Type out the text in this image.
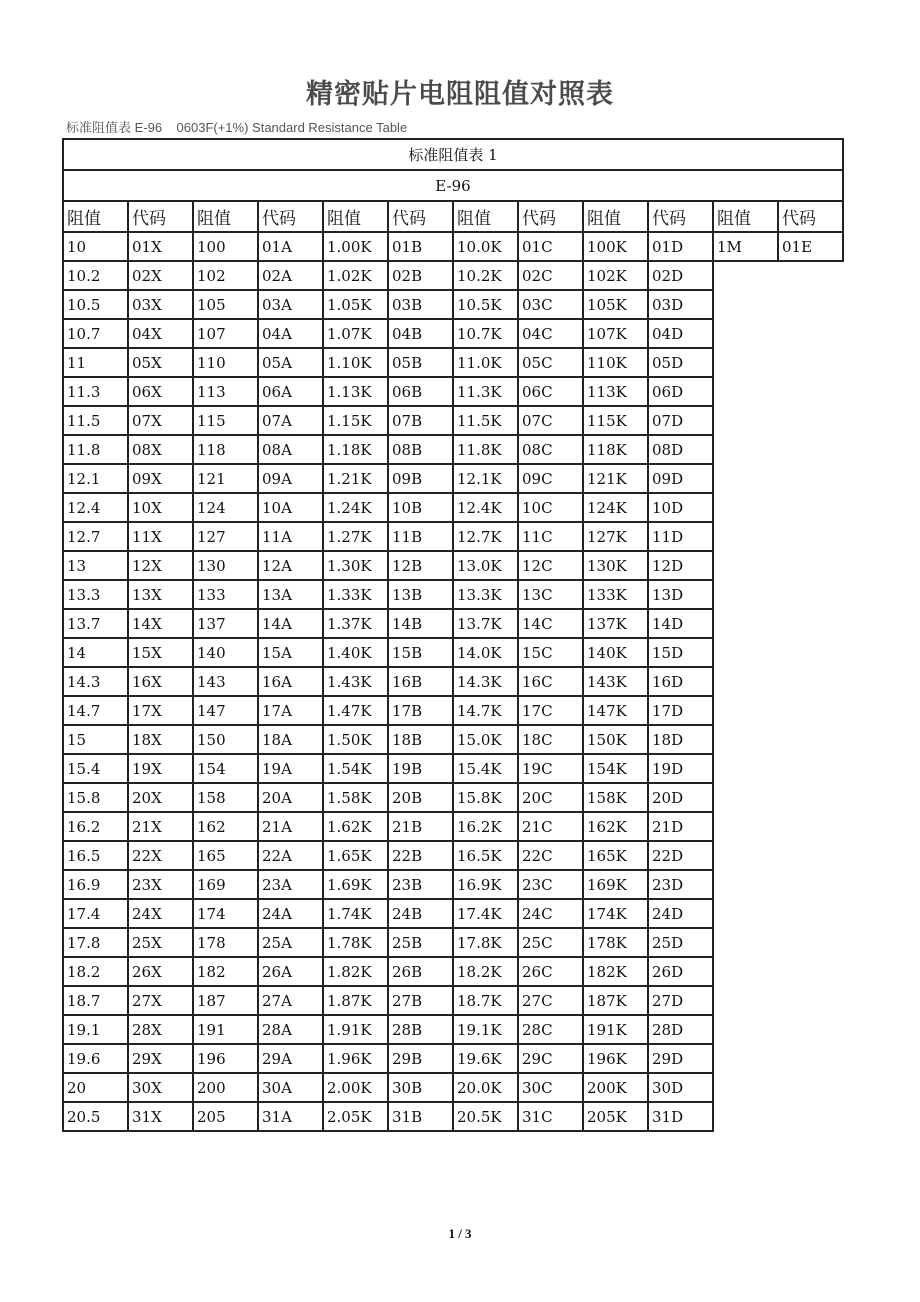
精密贴片电阻阻值对照表
标准阻值表 E-96    0603F(+1%) Standard Resistance Table
标准阻值表 1											
E-96											
阻值	代码	阻值	代码	阻值	代码	阻值	代码	阻值	代码	阻值	代码
10	01X	100	01A	1.00K	01B	10.0K	01C	100K	01D	1M	01E
10.2	02X	102	02A	1.02K	02B	10.2K	02C	102K	02D		
10.5	03X	105	03A	1.05K	03B	10.5K	03C	105K	03D		
10.7	04X	107	04A	1.07K	04B	10.7K	04C	107K	04D		
11	05X	110	05A	1.10K	05B	11.0K	05C	110K	05D		
11.3	06X	113	06A	1.13K	06B	11.3K	06C	113K	06D		
11.5	07X	115	07A	1.15K	07B	11.5K	07C	115K	07D		
11.8	08X	118	08A	1.18K	08B	11.8K	08C	118K	08D		
12.1	09X	121	09A	1.21K	09B	12.1K	09C	121K	09D		
12.4	10X	124	10A	1.24K	10B	12.4K	10C	124K	10D		
12.7	11X	127	11A	1.27K	11B	12.7K	11C	127K	11D		
13	12X	130	12A	1.30K	12B	13.0K	12C	130K	12D		
13.3	13X	133	13A	1.33K	13B	13.3K	13C	133K	13D		
13.7	14X	137	14A	1.37K	14B	13.7K	14C	137K	14D		
14	15X	140	15A	1.40K	15B	14.0K	15C	140K	15D		
14.3	16X	143	16A	1.43K	16B	14.3K	16C	143K	16D		
14.7	17X	147	17A	1.47K	17B	14.7K	17C	147K	17D		
15	18X	150	18A	1.50K	18B	15.0K	18C	150K	18D		
15.4	19X	154	19A	1.54K	19B	15.4K	19C	154K	19D		
15.8	20X	158	20A	1.58K	20B	15.8K	20C	158K	20D		
16.2	21X	162	21A	1.62K	21B	16.2K	21C	162K	21D		
16.5	22X	165	22A	1.65K	22B	16.5K	22C	165K	22D		
16.9	23X	169	23A	1.69K	23B	16.9K	23C	169K	23D		
17.4	24X	174	24A	1.74K	24B	17.4K	24C	174K	24D		
17.8	25X	178	25A	1.78K	25B	17.8K	25C	178K	25D		
18.2	26X	182	26A	1.82K	26B	18.2K	26C	182K	26D		
18.7	27X	187	27A	1.87K	27B	18.7K	27C	187K	27D		
19.1	28X	191	28A	1.91K	28B	19.1K	28C	191K	28D		
19.6	29X	196	29A	1.96K	29B	19.6K	29C	196K	29D		
20	30X	200	30A	2.00K	30B	20.0K	30C	200K	30D		
20.5	31X	205	31A	2.05K	31B	20.5K	31C	205K	31D		
1 / 3
